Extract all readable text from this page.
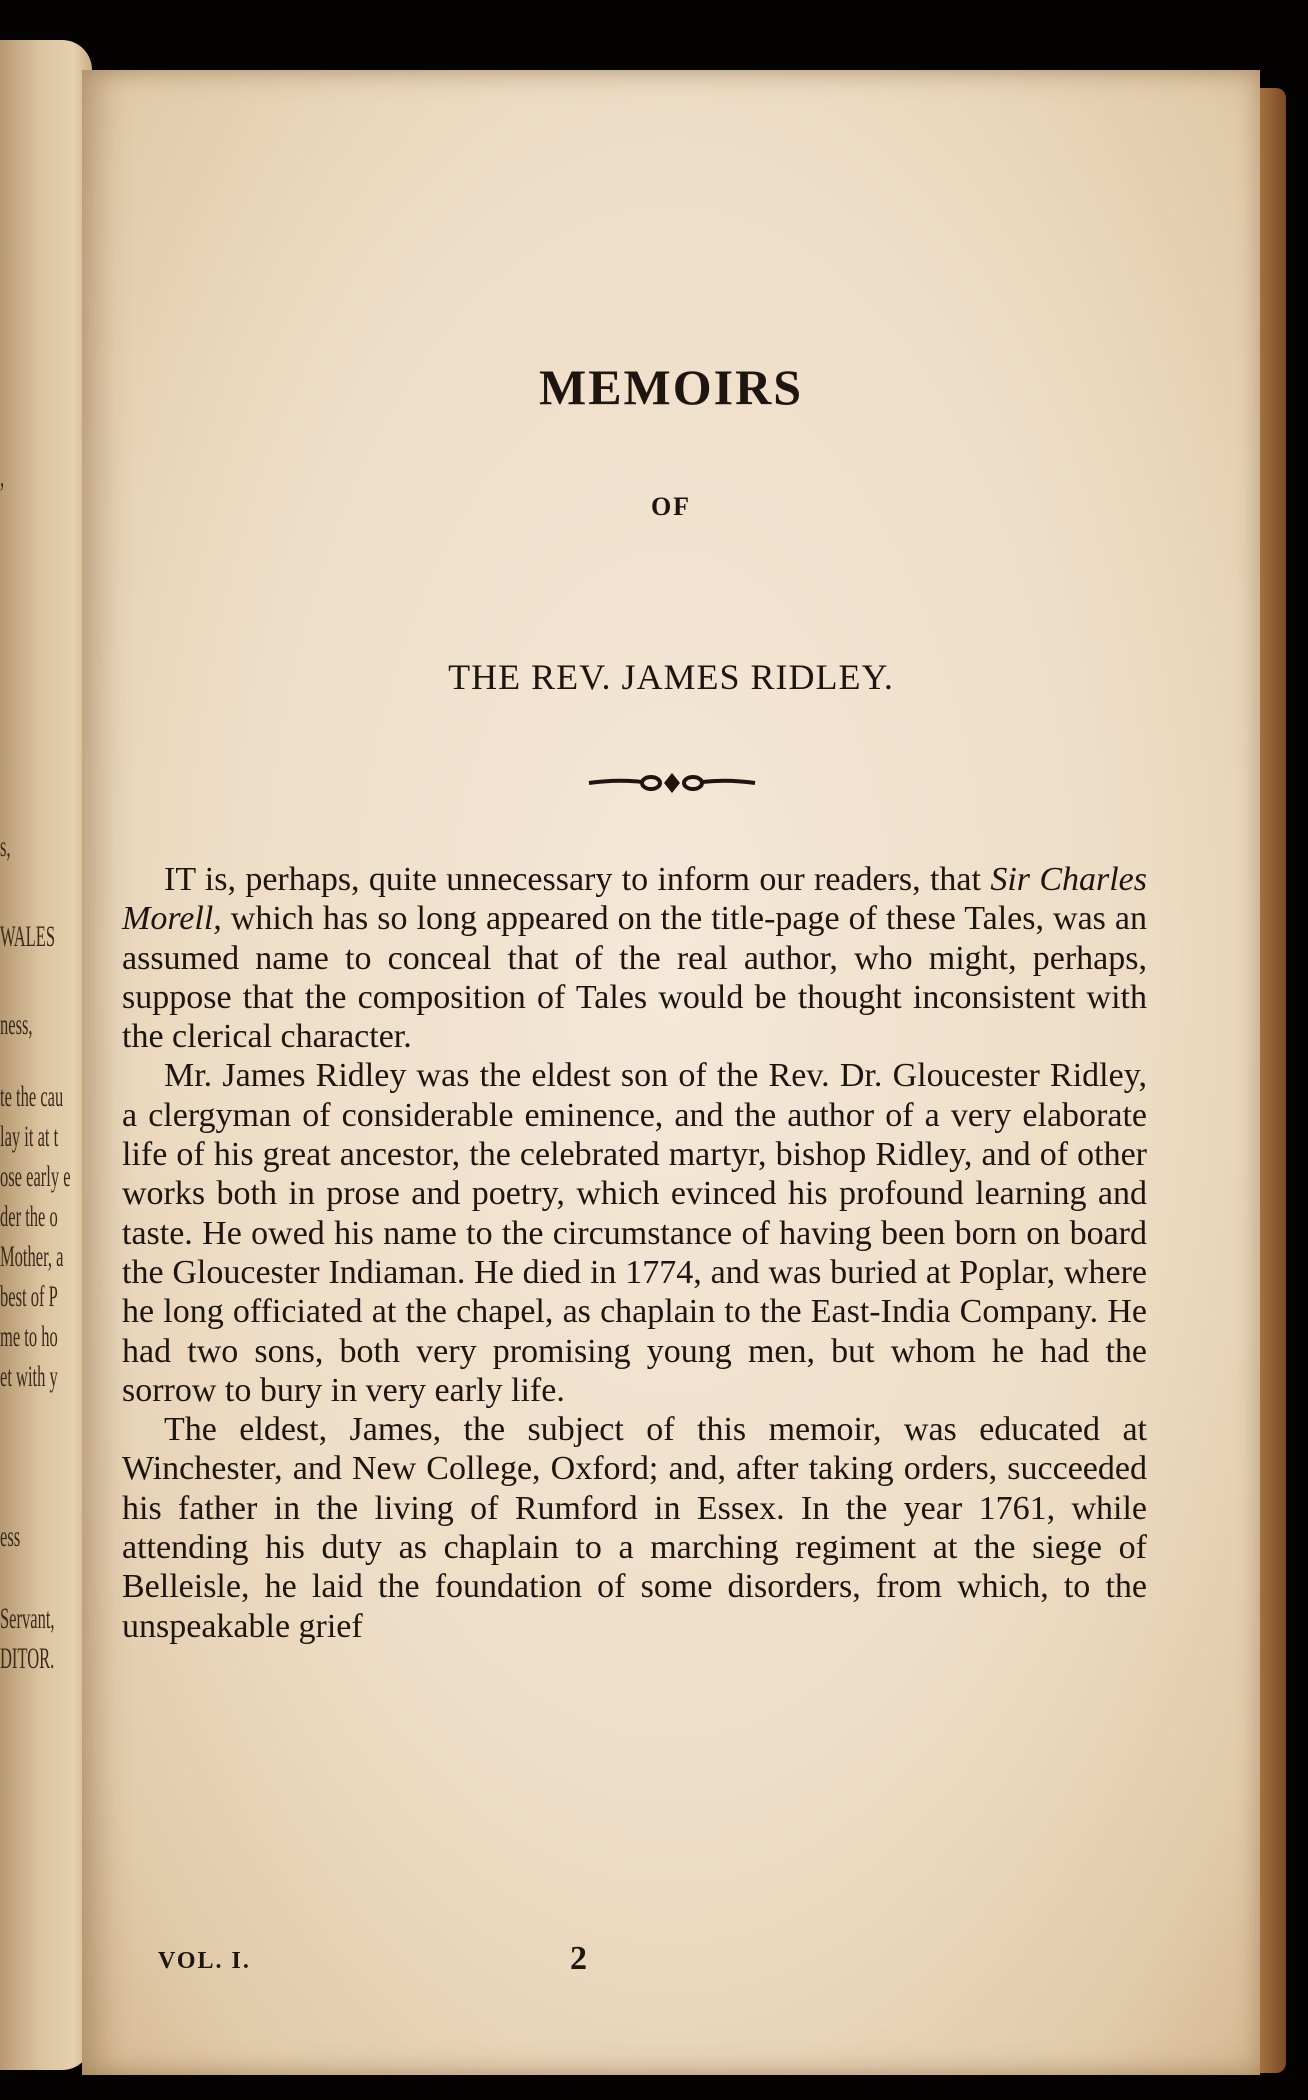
,
s,
WALES
ness,
te the cau
lay it at t
ose early e
der the o
Mother, a
best of P
me to ho
et with y
ess
Servant,
DITOR.
MEMOIRS
OF
THE REV. JAMES RIDLEY.

IT is, perhaps, quite unnecessary to inform our readers, that Sir Charles Morell, which has so long appeared on the title-page of these Tales, was an assumed name to conceal that of the real author, who might, perhaps, suppose that the composition of Tales would be thought inconsistent with the clerical character.

Mr. James Ridley was the eldest son of the Rev. Dr. Gloucester Ridley, a clergyman of considerable eminence, and the author of a very elaborate life of his great ancestor, the celebrated martyr, bishop Ridley, and of other works both in prose and poetry, which evinced his profound learning and taste. He owed his name to the circumstance of having been born on board the Gloucester Indiaman. He died in 1774, and was buried at Poplar, where he long officiated at the chapel, as chaplain to the East-India Company. He had two sons, both very promising young men, but whom he had the sorrow to bury in very early life.

The eldest, James, the subject of this memoir, was educated at Winchester, and New College, Oxford; and, after taking orders, succeeded his father in the living of Rumford in Essex. In the year 1761, while attending his duty as chaplain to a marching regiment at the siege of Belleisle, he laid the foundation of some disorders, from which, to the unspeakable grief

VOL. I.	2
